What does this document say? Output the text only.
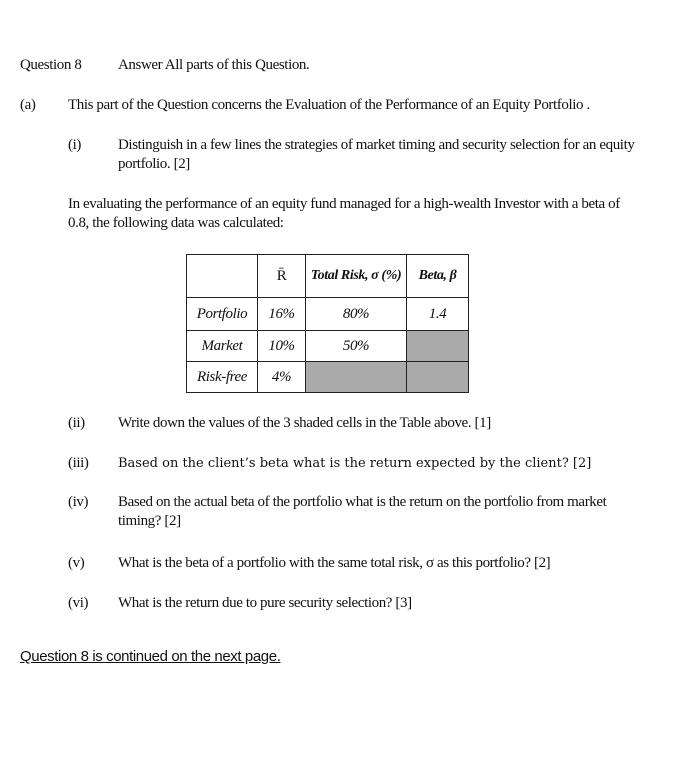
Question 8 Answer All parts of this Question.
(a) This part of the Question concerns the Evaluation of the Performance of an Equity Portfolio .
(i) Distinguish in a few lines the strategies of market timing and security selection for an equity portfolio. [2]
In evaluating the performance of an equity fund managed for a high-wealth Investor with a beta of 0.8, the following data was calculated:
	R̄	Total Risk, σ (%)	Beta, β
Portfolio	16%	80%	1.4
Market	10%	50%	
Risk-free	4%		
(ii) Write down the values of the 3 shaded cells in the Table above. [1]
(iii) Based on the client’s beta what is the return expected by the client? [2]
(iv) Based on the actual beta of the portfolio what is the return on the portfolio from market timing? [2]
(v) What is the beta of a portfolio with the same total risk, σ as this portfolio? [2]
(vi) What is the return due to pure security selection? [3]
Question 8 is continued on the next page.
